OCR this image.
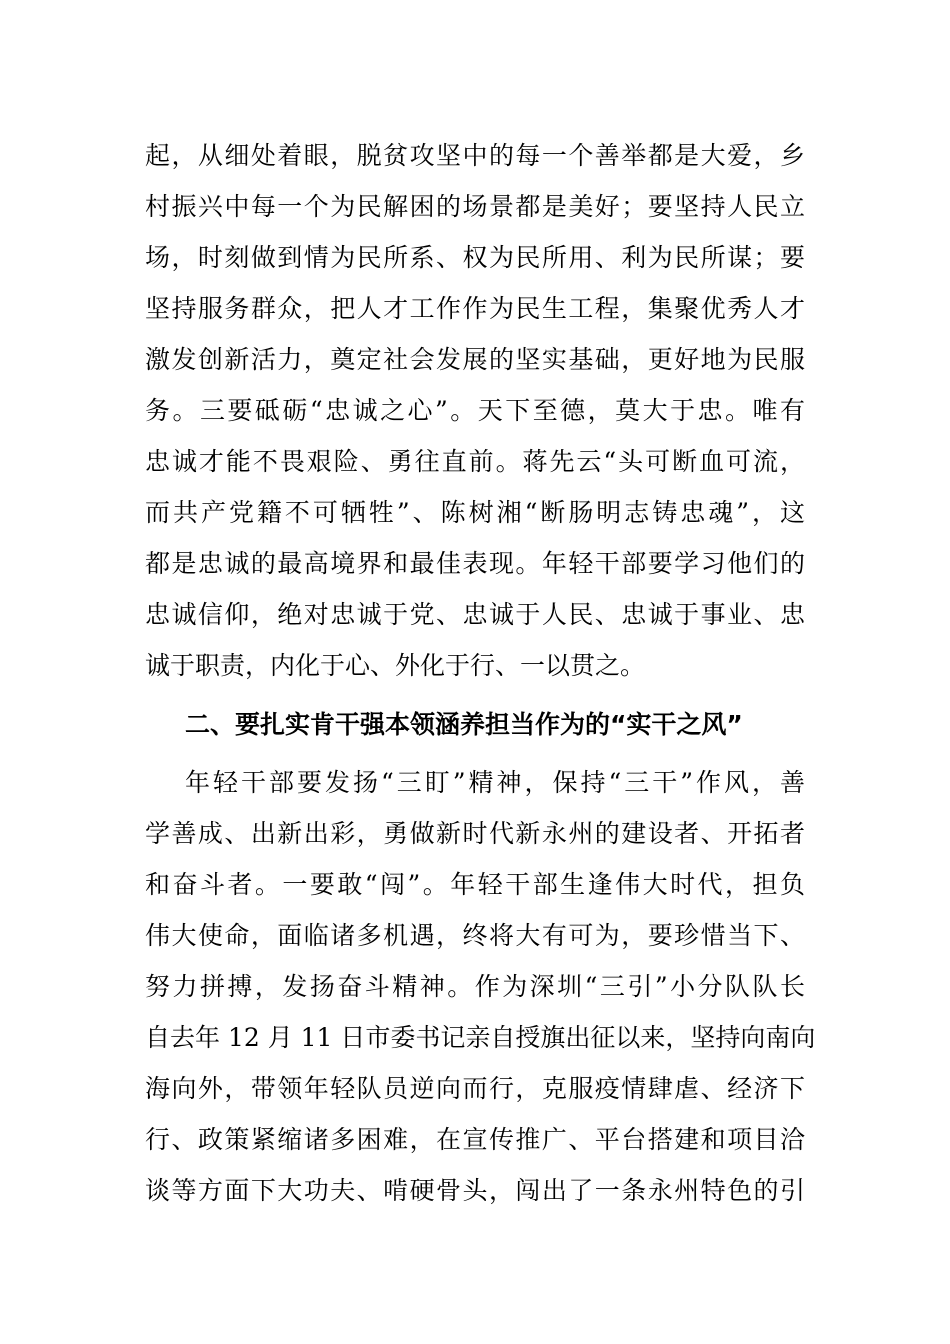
起，从细处着眼，脱贫攻坚中的每一个善举都是大爱，乡
村振兴中每一个为民解困的场景都是美好；要坚持人民立
场，时刻做到情为民所系、权为民所用、利为民所谋；要
坚持服务群众，把人才工作作为民生工程，集聚优秀人才
激发创新活力，奠定社会发展的坚实基础，更好地为民服
务。三要砥砺“忠诚之心”。天下至德，莫大于忠。唯有
忠诚才能不畏艰险、勇往直前。蒋先云“头可断血可流，
而共产党籍不可牺牲”、陈树湘“断肠明志铸忠魂”，这
都是忠诚的最高境界和最佳表现。年轻干部要学习他们的
忠诚信仰，绝对忠诚于党、忠诚于人民、忠诚于事业、忠
诚于职责，内化于心、外化于行、一以贯之。
二、要扎实肯干强本领涵养担当作为的“实干之风”
年轻干部要发扬“三盯”精神，保持“三干”作风，善
学善成、出新出彩，勇做新时代新永州的建设者、开拓者
和奋斗者。一要敢“闯”。年轻干部生逢伟大时代，担负
伟大使命，面临诸多机遇，终将大有可为，要珍惜当下、
努力拼搏，发扬奋斗精神。作为深圳“三引”小分队队长
自去年 12 月 11 日市委书记亲自授旗出征以来，坚持向南向
海向外，带领年轻队员逆向而行，克服疫情肆虐、经济下
行、政策紧缩诸多困难，在宣传推广、平台搭建和项目洽
谈等方面下大功夫、啃硬骨头，闯出了一条永州特色的引
